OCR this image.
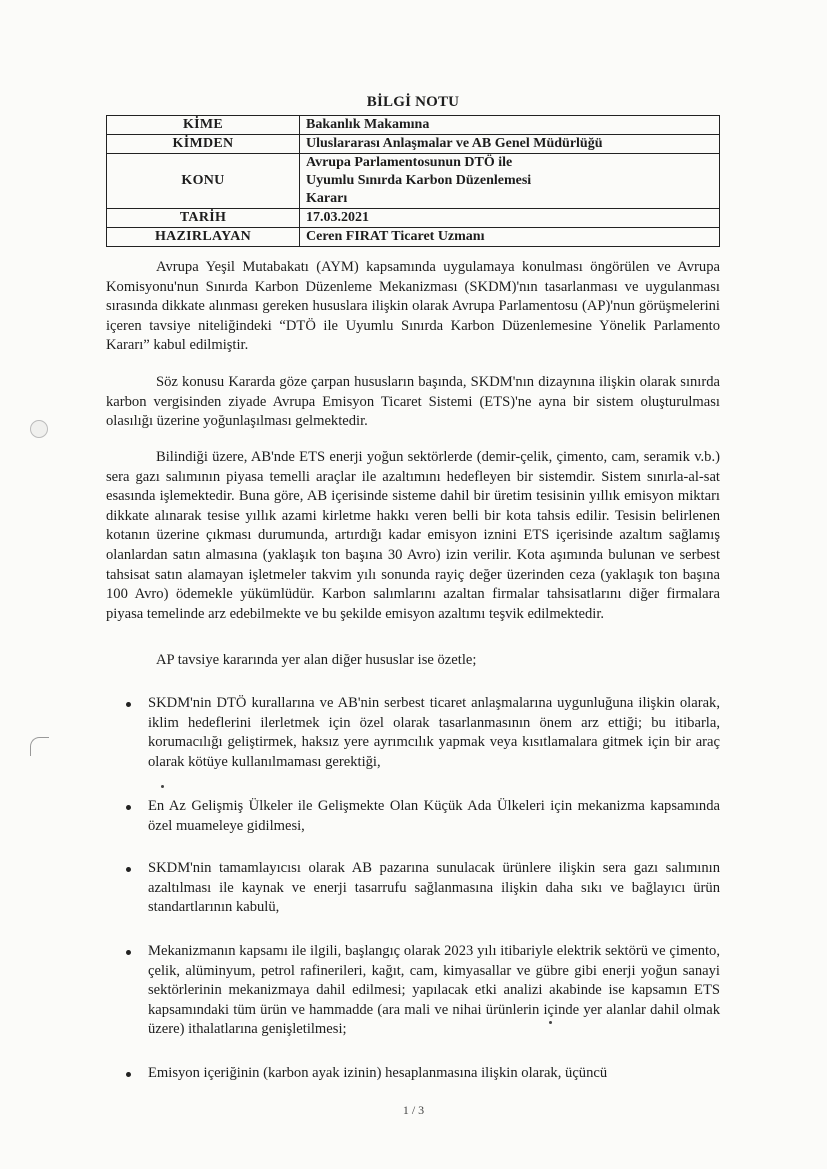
BİLGİ NOTU
KİME	Bakanlık Makamına
KİMDEN	Uluslararası Anlaşmalar ve AB Genel Müdürlüğü
KONU	Avrupa Parlamentosunun DTÖ ile Uyumlu Sınırda Karbon Düzenlemesi Kararı
TARİH	17.03.2021
HAZIRLAYAN	Ceren FIRAT Ticaret Uzmanı

Avrupa Yeşil Mutabakatı (AYM) kapsamında uygulamaya konulması öngörülen ve Avrupa Komisyonu'nun Sınırda Karbon Düzenleme Mekanizması (SKDM)'nın tasarlanması ve uygulanması sırasında dikkate alınması gereken hususlara ilişkin olarak Avrupa Parlamentosu (AP)'nun görüşmelerini içeren tavsiye niteliğindeki “DTÖ ile Uyumlu Sınırda Karbon Düzenlemesine Yönelik Parlamento Kararı” kabul edilmiştir.

Söz konusu Kararda göze çarpan hususların başında, SKDM'nın dizaynına ilişkin olarak sınırda karbon vergisinden ziyade Avrupa Emisyon Ticaret Sistemi (ETS)'ne ayna bir sistem oluşturulması olasılığı üzerine yoğunlaşılması gelmektedir.

Bilindiği üzere, AB'nde ETS enerji yoğun sektörlerde (demir-çelik, çimento, cam, seramik v.b.) sera gazı salımının piyasa temelli araçlar ile azaltımını hedefleyen bir sistemdir. Sistem sınırla-al-sat esasında işlemektedir. Buna göre, AB içerisinde sisteme dahil bir üretim tesisinin yıllık emisyon miktarı dikkate alınarak tesise yıllık azami kirletme hakkı veren belli bir kota tahsis edilir. Tesisin belirlenen kotanın üzerine çıkması durumunda, artırdığı kadar emisyon iznini ETS içerisinde azaltım sağlamış olanlardan satın almasına (yaklaşık ton başına 30 Avro) izin verilir. Kota aşımında bulunan ve serbest tahsisat satın alamayan işletmeler takvim yılı sonunda rayiç değer üzerinden ceza (yaklaşık ton başına 100 Avro) ödemekle yükümlüdür. Karbon salımlarını azaltan firmalar tahsisatlarını diğer firmalara piyasa temelinde arz edebilmekte ve bu şekilde emisyon azaltımı teşvik edilmektedir.

AP tavsiye kararında yer alan diğer hususlar ise özetle;

SKDM'nin DTÖ kurallarına ve AB'nin serbest ticaret anlaşmalarına uygunluğuna ilişkin olarak, iklim hedeflerini ilerletmek için özel olarak tasarlanmasının önem arz ettiği; bu itibarla, korumacılığı geliştirmek, haksız yere ayrımcılık yapmak veya kısıtlamalara gitmek için bir araç olarak kötüye kullanılmaması gerektiği,
En Az Gelişmiş Ülkeler ile Gelişmekte Olan Küçük Ada Ülkeleri için mekanizma kapsamında özel muameleye gidilmesi,
SKDM'nin tamamlayıcısı olarak AB pazarına sunulacak ürünlere ilişkin sera gazı salımının azaltılması ile kaynak ve enerji tasarrufu sağlanmasına ilişkin daha sıkı ve bağlayıcı ürün standartlarının kabulü,
Mekanizmanın kapsamı ile ilgili, başlangıç olarak 2023 yılı itibariyle elektrik sektörü ve çimento, çelik, alüminyum, petrol rafinerileri, kağıt, cam, kimyasallar ve gübre gibi enerji yoğun sanayi sektörlerinin mekanizmaya dahil edilmesi; yapılacak etki analizi akabinde ise kapsamın ETS kapsamındaki tüm ürün ve hammadde (ara mali ve nihai ürünlerin içinde yer alanlar dahil olmak üzere) ithalatlarına genişletilmesi;
Emisyon içeriğinin (karbon ayak izinin) hesaplanmasına ilişkin olarak, üçüncü
1 / 3
